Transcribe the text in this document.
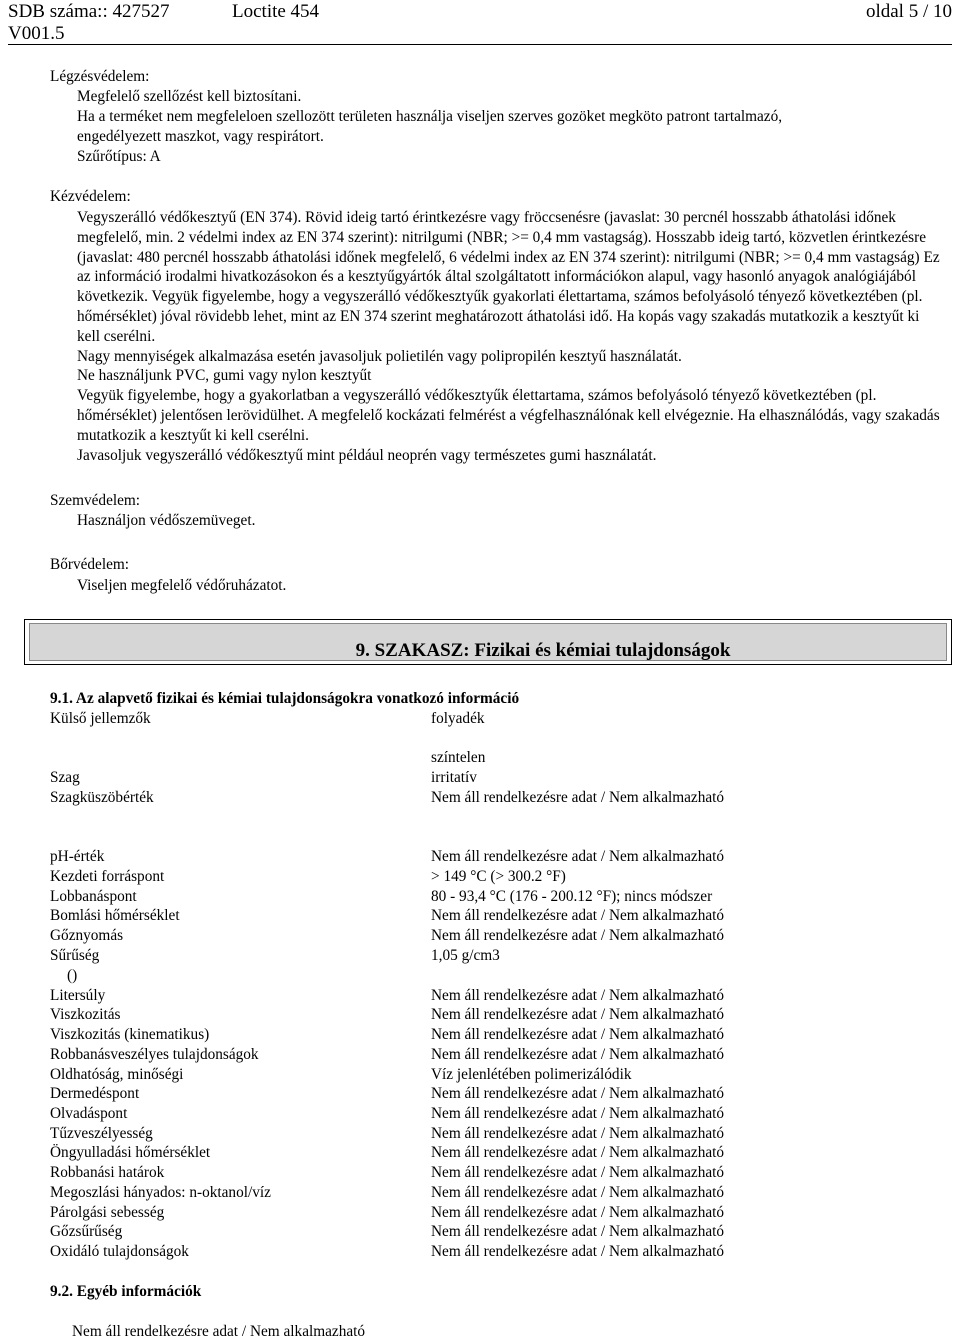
SDB száma:: 427527	Loctite 454	oldal 5 / 10
V001.5
Légzésvédelem:
Megfelelő szellőzést kell biztosítani.
Ha a terméket nem megfeleloen szellozött területen használja viseljen szerves gozöket megköto patront tartalmazó,
engedélyezett maszkot, vagy respirátort.
Szűrőtípus: A
Kézvédelem:

Vegyszerálló védőkesztyű (EN 374). Rövid ideig tartó érintkezésre vagy fröccsenésre (javaslat: 30 percnél hosszabb áthatolási időnek megfelelő, min. 2 védelmi index az EN 374 szerint): nitrilgumi (NBR; >= 0,4 mm vastagság). Hosszabb ideig tartó, közvetlen érintkezésre (javaslat: 480 percnél hosszabb áthatolási időnek megfelelő, 6 védelmi index az EN 374 szerint): nitrilgumi (NBR; >= 0,4 mm vastagság) Ez az információ irodalmi hivatkozásokon és a kesztyűgyártók által szolgáltatott információkon alapul, vagy hasonló anyagok analógiájából következik. Vegyük figyelembe, hogy a vegyszerálló védőkesztyűk gyakorlati élettartama, számos befolyásoló tényező következtében (pl. hőmérséklet) jóval rövidebb lehet, mint az EN 374 szerint meghatározott áthatolási idő. Ha kopás vagy szakadás mutatkozik a kesztyűt ki kell cserélni.

Nagy mennyiségek alkalmazása esetén javasoljuk polietilén vagy polipropilén kesztyű használatát.

Ne használjunk PVC, gumi vagy nylon kesztyűt

Vegyük figyelembe, hogy a gyakorlatban a vegyszerálló védőkesztyűk élettartama, számos befolyásoló tényező következtében (pl. hőmérséklet) jelentősen lerövidülhet. A megfelelő kockázati felmérést a végfelhasználónak kell elvégeznie. Ha elhasználódás, vagy szakadás mutatkozik a kesztyűt ki kell cserélni.

Javasoljuk vegyszerálló védőkesztyű mint például neoprén vagy természetes gumi használatát.

Szemvédelem:
Használjon védőszemüveget.
Bőrvédelem:
Viseljen megfelelő védőruházatot.
9. SZAKASZ: Fizikai és kémiai tulajdonságok
9.1. Az alapvető fizikai és kémiai tulajdonságokra vonatkozó információ
Külső jellemzők	folyadék
színtelen
Szag	irritatív
Szagküszöbérték	Nem áll rendelkezésre adat / Nem alkalmazható
pH-érték	Nem áll rendelkezésre adat / Nem alkalmazható
Kezdeti forráspont	> 149 °C (> 300.2 °F)
Lobbanáspont	80 - 93,4 °C (176 - 200.12 °F); nincs módszer
Bomlási hőmérséklet	Nem áll rendelkezésre adat / Nem alkalmazható
Gőznyomás	Nem áll rendelkezésre adat / Nem alkalmazható
Sűrűség	1,05 g/cm3
()
Litersúly	Nem áll rendelkezésre adat / Nem alkalmazható
Viszkozitás	Nem áll rendelkezésre adat / Nem alkalmazható
Viszkozitás (kinematikus)	Nem áll rendelkezésre adat / Nem alkalmazható
Robbanásveszélyes tulajdonságok	Nem áll rendelkezésre adat / Nem alkalmazható
Oldhatóság, minőségi	Víz jelenlétében polimerizálódik
Dermedéspont	Nem áll rendelkezésre adat / Nem alkalmazható
Olvadáspont	Nem áll rendelkezésre adat / Nem alkalmazható
Tűzveszélyesség	Nem áll rendelkezésre adat / Nem alkalmazható
Öngyulladási hőmérséklet	Nem áll rendelkezésre adat / Nem alkalmazható
Robbanási határok	Nem áll rendelkezésre adat / Nem alkalmazható
Megoszlási hányados: n-oktanol/víz	Nem áll rendelkezésre adat / Nem alkalmazható
Párolgási sebesség	Nem áll rendelkezésre adat / Nem alkalmazható
Gőzsűrűség	Nem áll rendelkezésre adat / Nem alkalmazható
Oxidáló tulajdonságok	Nem áll rendelkezésre adat / Nem alkalmazható
9.2. Egyéb információk
Nem áll rendelkezésre adat / Nem alkalmazható
